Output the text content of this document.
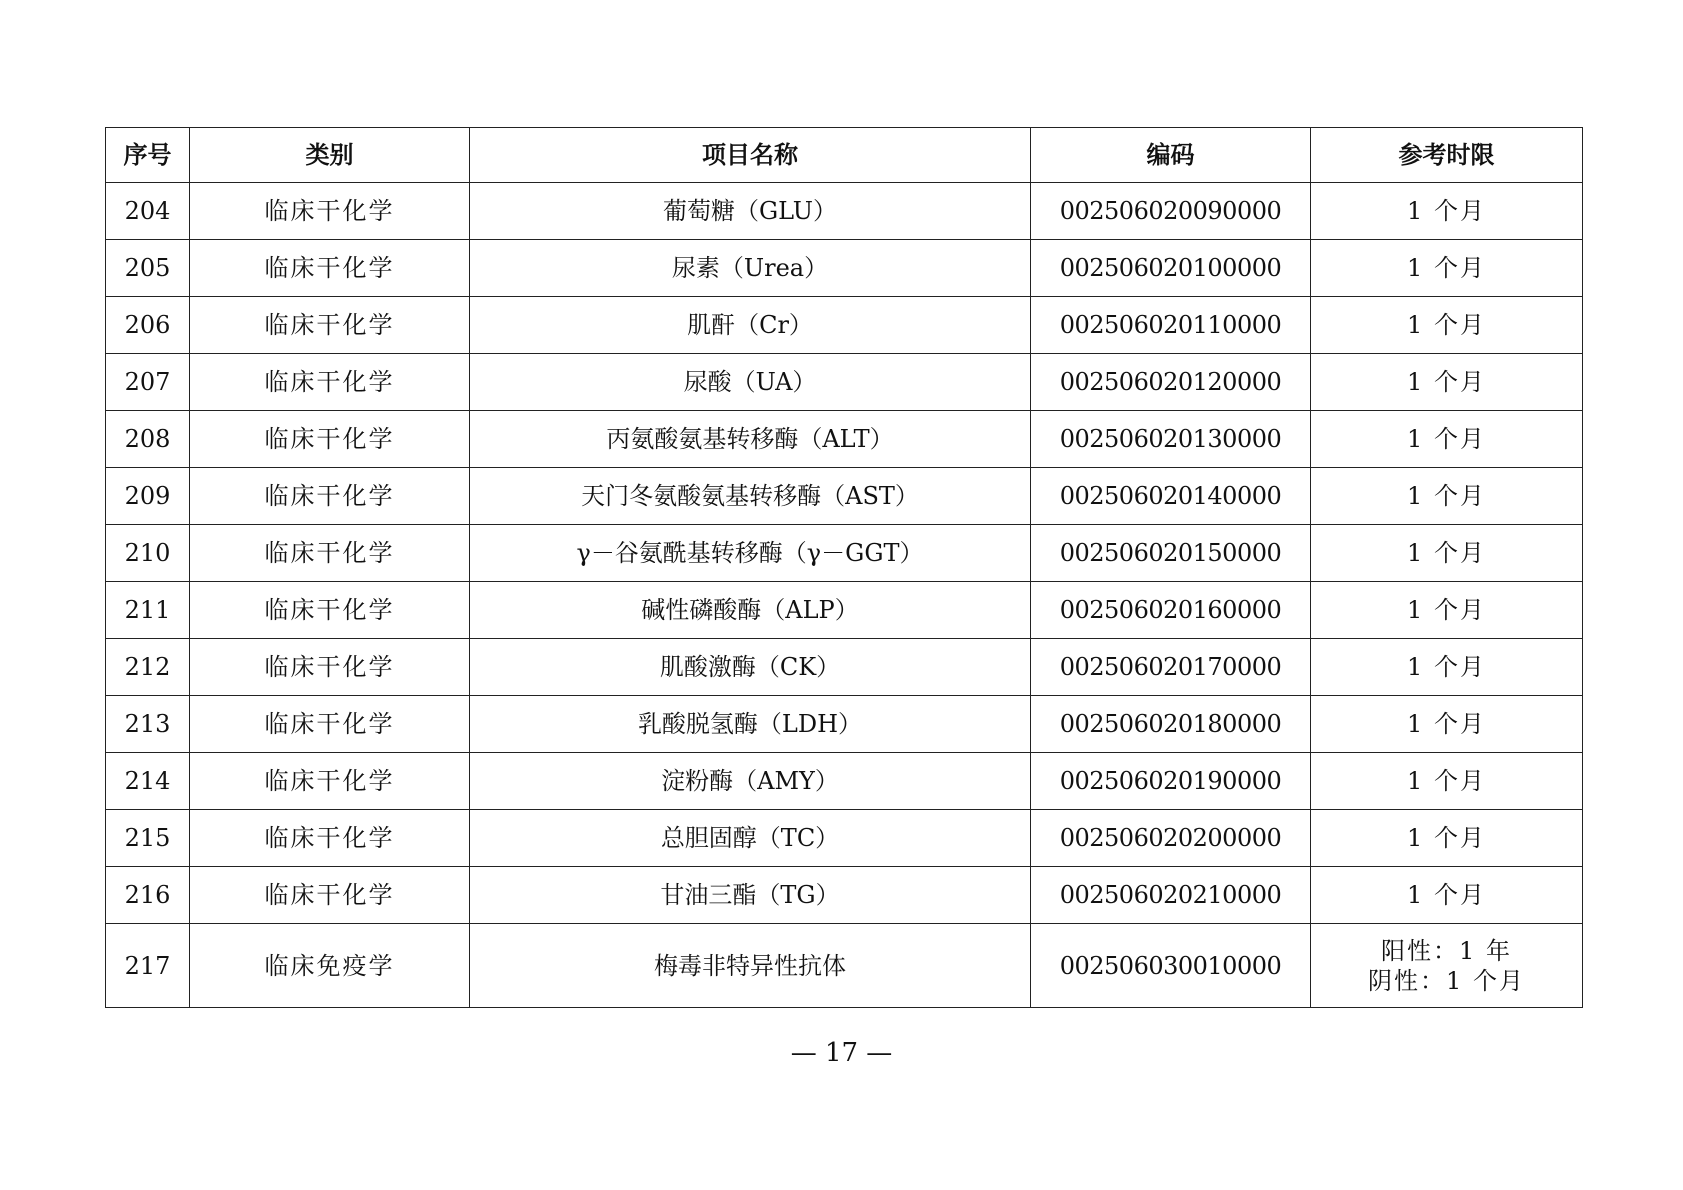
序号	类别	项目名称	编码	参考时限
204	临床干化学	葡萄糖（GLU）	002506020090000	1 个月

205	临床干化学	尿素（Urea）	002506020100000	1 个月

206	临床干化学	肌酐（Cr）	002506020110000	1 个月

207	临床干化学	尿酸（UA）	002506020120000	1 个月

208	临床干化学	丙氨酸氨基转移酶（ALT）	002506020130000	1 个月

209	临床干化学	天门冬氨酸氨基转移酶（AST）	002506020140000	1 个月

210	临床干化学	γ－谷氨酰基转移酶（γ－GGT）	002506020150000	1 个月

211	临床干化学	碱性磷酸酶（ALP）	002506020160000	1 个月

212	临床干化学	肌酸激酶（CK）	002506020170000	1 个月

213	临床干化学	乳酸脱氢酶（LDH）	002506020180000	1 个月

214	临床干化学	淀粉酶（AMY）	002506020190000	1 个月

215	临床干化学	总胆固醇（TC）	002506020200000	1 个月

216	临床干化学	甘油三酯（TG）	002506020210000	1 个月

217	临床免疫学	梅毒非特异性抗体	002506030010000	阳性：1 年
阴性：1 个月
— 17 —
